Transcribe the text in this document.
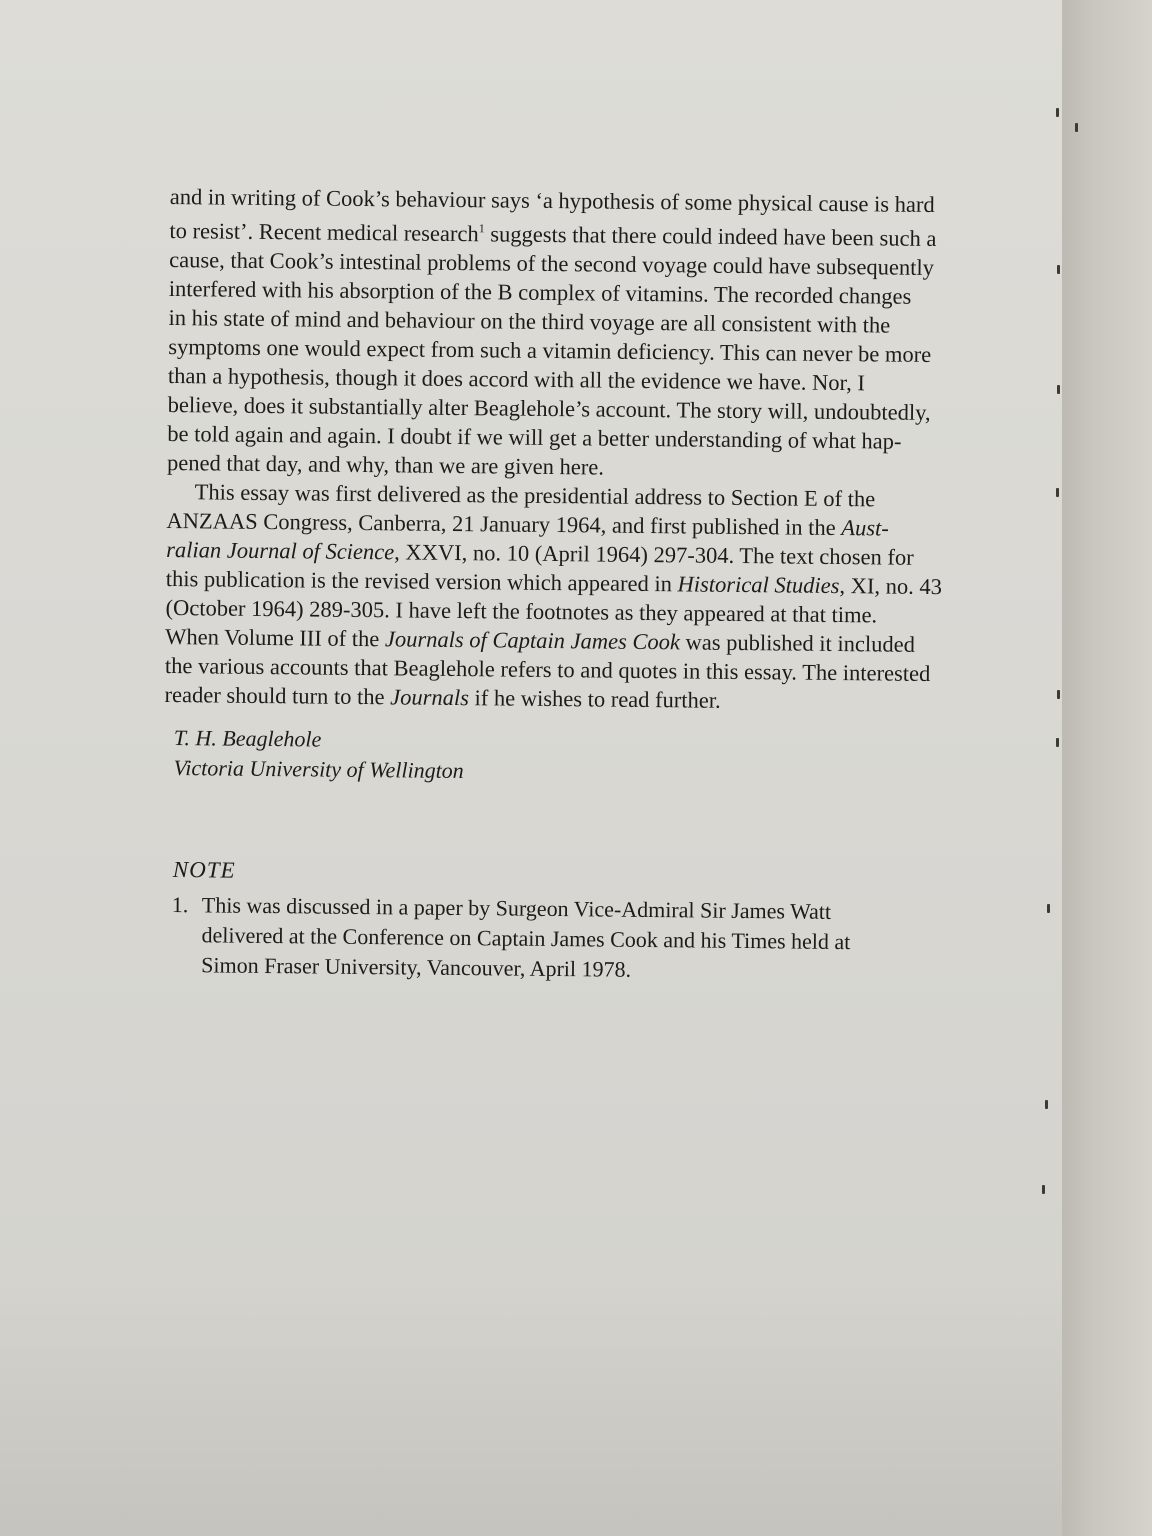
​
and in writing of Cook’s behaviour says ‘a hypothesis of some physical cause is hard
to resist’. Recent medical research$^1$ suggests that there could indeed have been such a
cause, that Cook’s intestinal problems of the second voyage could have subsequently
interfered with his absorption of the B complex of vitamins. The recorded changes
in his state of mind and behaviour on the third voyage are all consistent with the
symptoms one would expect from such a vitamin deficiency. This can never be more
than a hypothesis, though it does accord with all the evidence we have. Nor, I
believe, does it substantially alter Beaglehole’s account. The story will, undoubtedly,
be told again and again. I doubt if we will get a better understanding of what hap-
pened that day, and why, than we are given here.
This essay was first delivered as the presidential address to Section E of the
ANZAAS Congress, Canberra, 21 January 1964, and first published in the Aust-
ralian Journal of Science, XXVI, no. 10 (April 1964) 297-304. The text chosen for
this publication is the revised version which appeared in Historical Studies, XI, no. 43
(October 1964) 289-305. I have left the footnotes as they appeared at that time.
When Volume III of the Journals of Captain James Cook was published it included
the various accounts that Beaglehole refers to and quotes in this essay. The interested
reader should turn to the Journals if he wishes to read further.
T. H. Beaglehole
Victoria University of Wellington
NOTE
1. This was discussed in a paper by Surgeon Vice-Admiral Sir James Watt
delivered at the Conference on Captain James Cook and his Times held at
Simon Fraser University, Vancouver, April 1978.
